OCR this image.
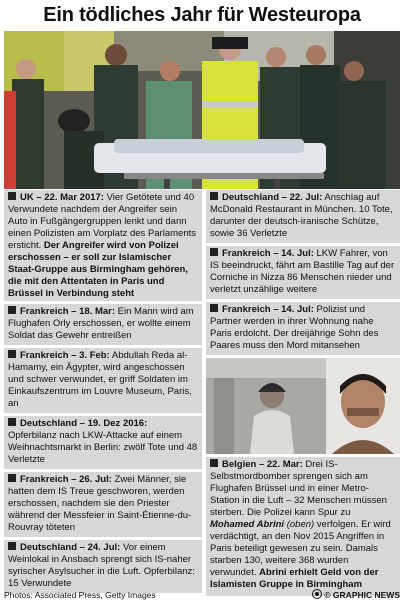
Ein tödliches Jahr für Westeuropa
UK – 22. Mar 2017: Vier Getötete und 40 Verwundete nachdem der Angreifer sein Auto in Fußgängergruppen lenkt und dann einen Polizisten am Vorplatz des Parlaments ersticht. Der Angreifer wird von Polizei erschossen – er soll zur Islamischer Staat-Gruppe aus Birmingham gehören, die mit den Attentaten in Paris und Brüssel in Verbindung steht
Frankreich – 18. Mar: Ein Mann wird am Flughafen Orly erschossen, er wollte einem Soldat das Gewehr entreißen
Frankreich – 3. Feb: Abdullah Reda al-Hamamy, ein Ägypter, wird angeschossen und schwer verwundet, er griff Soldaten im Einkaufszentrum im Louvre Museum, Paris, an
Deutschland – 19. Dez 2016: Opferbilanz nach LKW-Attacke auf einem Weihnachtsmarkt in Berlin: zwölf Tote und 48 Verletzte
Frankreich – 26. Jul: Zwei Männer, sie hatten dem IS Treue geschworen, werden erschossen, nachdem sie den Priester während der Messfeier in Saint-Étienne-du-Rouvray töteten
Deutschland – 24. Jul: Vor einem Weinlokal in Ansbach sprengt sich IS-naher syrischer Asylsucher in die Luft. Opferbilanz: 15 Verwundete
Deutschland – 22. Jul: Anschlag auf McDonald Restaurant in München. 10 Tote, darunter der deutsch-iranische Schütze, sowie 36 Verletzte
Frankreich – 14. Jul: LKW Fahrer, von IS beeindruckt, fährt am Bastille Tag auf der Corniche in Nizza 86 Menschen nieder und verletzt unzählige weitere
Frankreich – 14. Jul: Polizist und Partner werden in ihrer Wohnung nahe Paris erdolcht. Der dreijährige Sohn des Paares muss den Mord mitansehen
Belgien – 22. Mar: Drei IS-Selbstmordbomber sprengen sich am Flughafen Brüssel und in einer Metro-Station in die Luft – 32 Menschen müssen sterben. Die Polizei kann Spur zu Mohamed Abrini (oben) verfolgen. Er wird verdächtigt, an den Nov 2015 Angriffen in Paris beteiligt gewesen zu sein. Damals starben 130, weitere 368 wurden verwundet. Abrini erhielt Geld von der Islamisten Gruppe in Birmingham
Photos: Associated Press, Getty Images	© GRAPHIC NEWS
